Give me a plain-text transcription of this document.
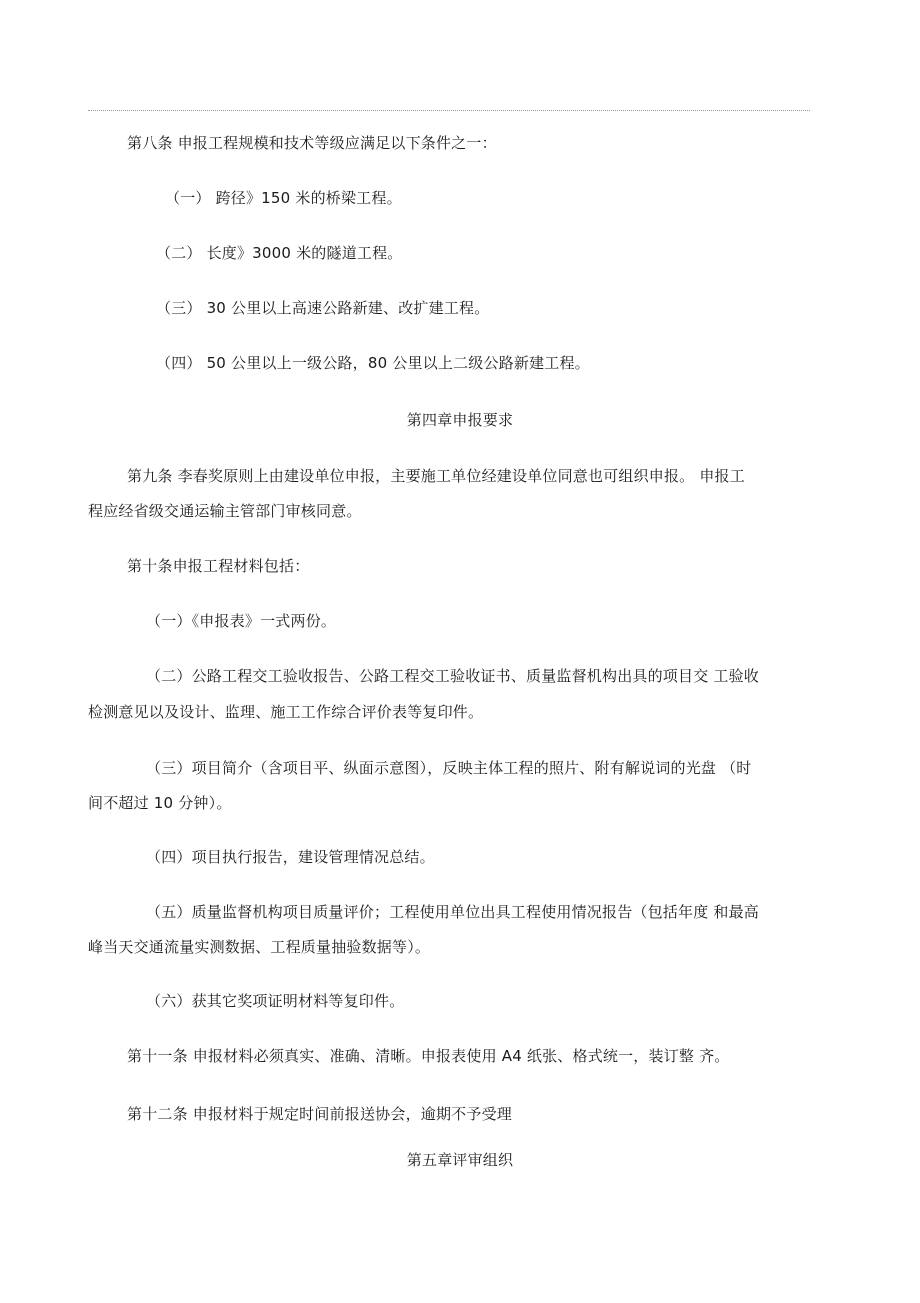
第八条 申报工程规模和技术等级应满足以下条件之一：
（一） 跨径》150 米的桥梁工程。
（二） 长度》3000 米的隧道工程。
（三） 30 公里以上高速公路新建、改扩建工程。
（四） 50 公里以上一级公路，80 公里以上二级公路新建工程。
第四章申报要求
第九条 李春奖原则上由建设单位申报，主要施工单位经建设单位同意也可组织申报。 申报工
程应经省级交通运输主管部门审核同意。
第十条申报工程材料包括：
（一）《申报表》一式两份。
（二）公路工程交工验收报告、公路工程交工验收证书、质量监督机构出具的项目交 工验收
检测意见以及设计、监理、施工工作综合评价表等复印件。
（三）项目简介（含项目平、纵面示意图），反映主体工程的照片、附有解说词的光盘 （时
间不超过 10 分钟）。
（四）项目执行报告，建设管理情况总结。
（五）质量监督机构项目质量评价；工程使用单位出具工程使用情况报告（包括年度 和最高
峰当天交通流量实测数据、工程质量抽验数据等）。
（六）获其它奖项证明材料等复印件。
第十一条 申报材料必须真实、准确、清晰。申报表使用 A4 纸张、格式统一，装订整 齐。
第十二条 申报材料于规定时间前报送协会，逾期不予受理
第五章评审组织
